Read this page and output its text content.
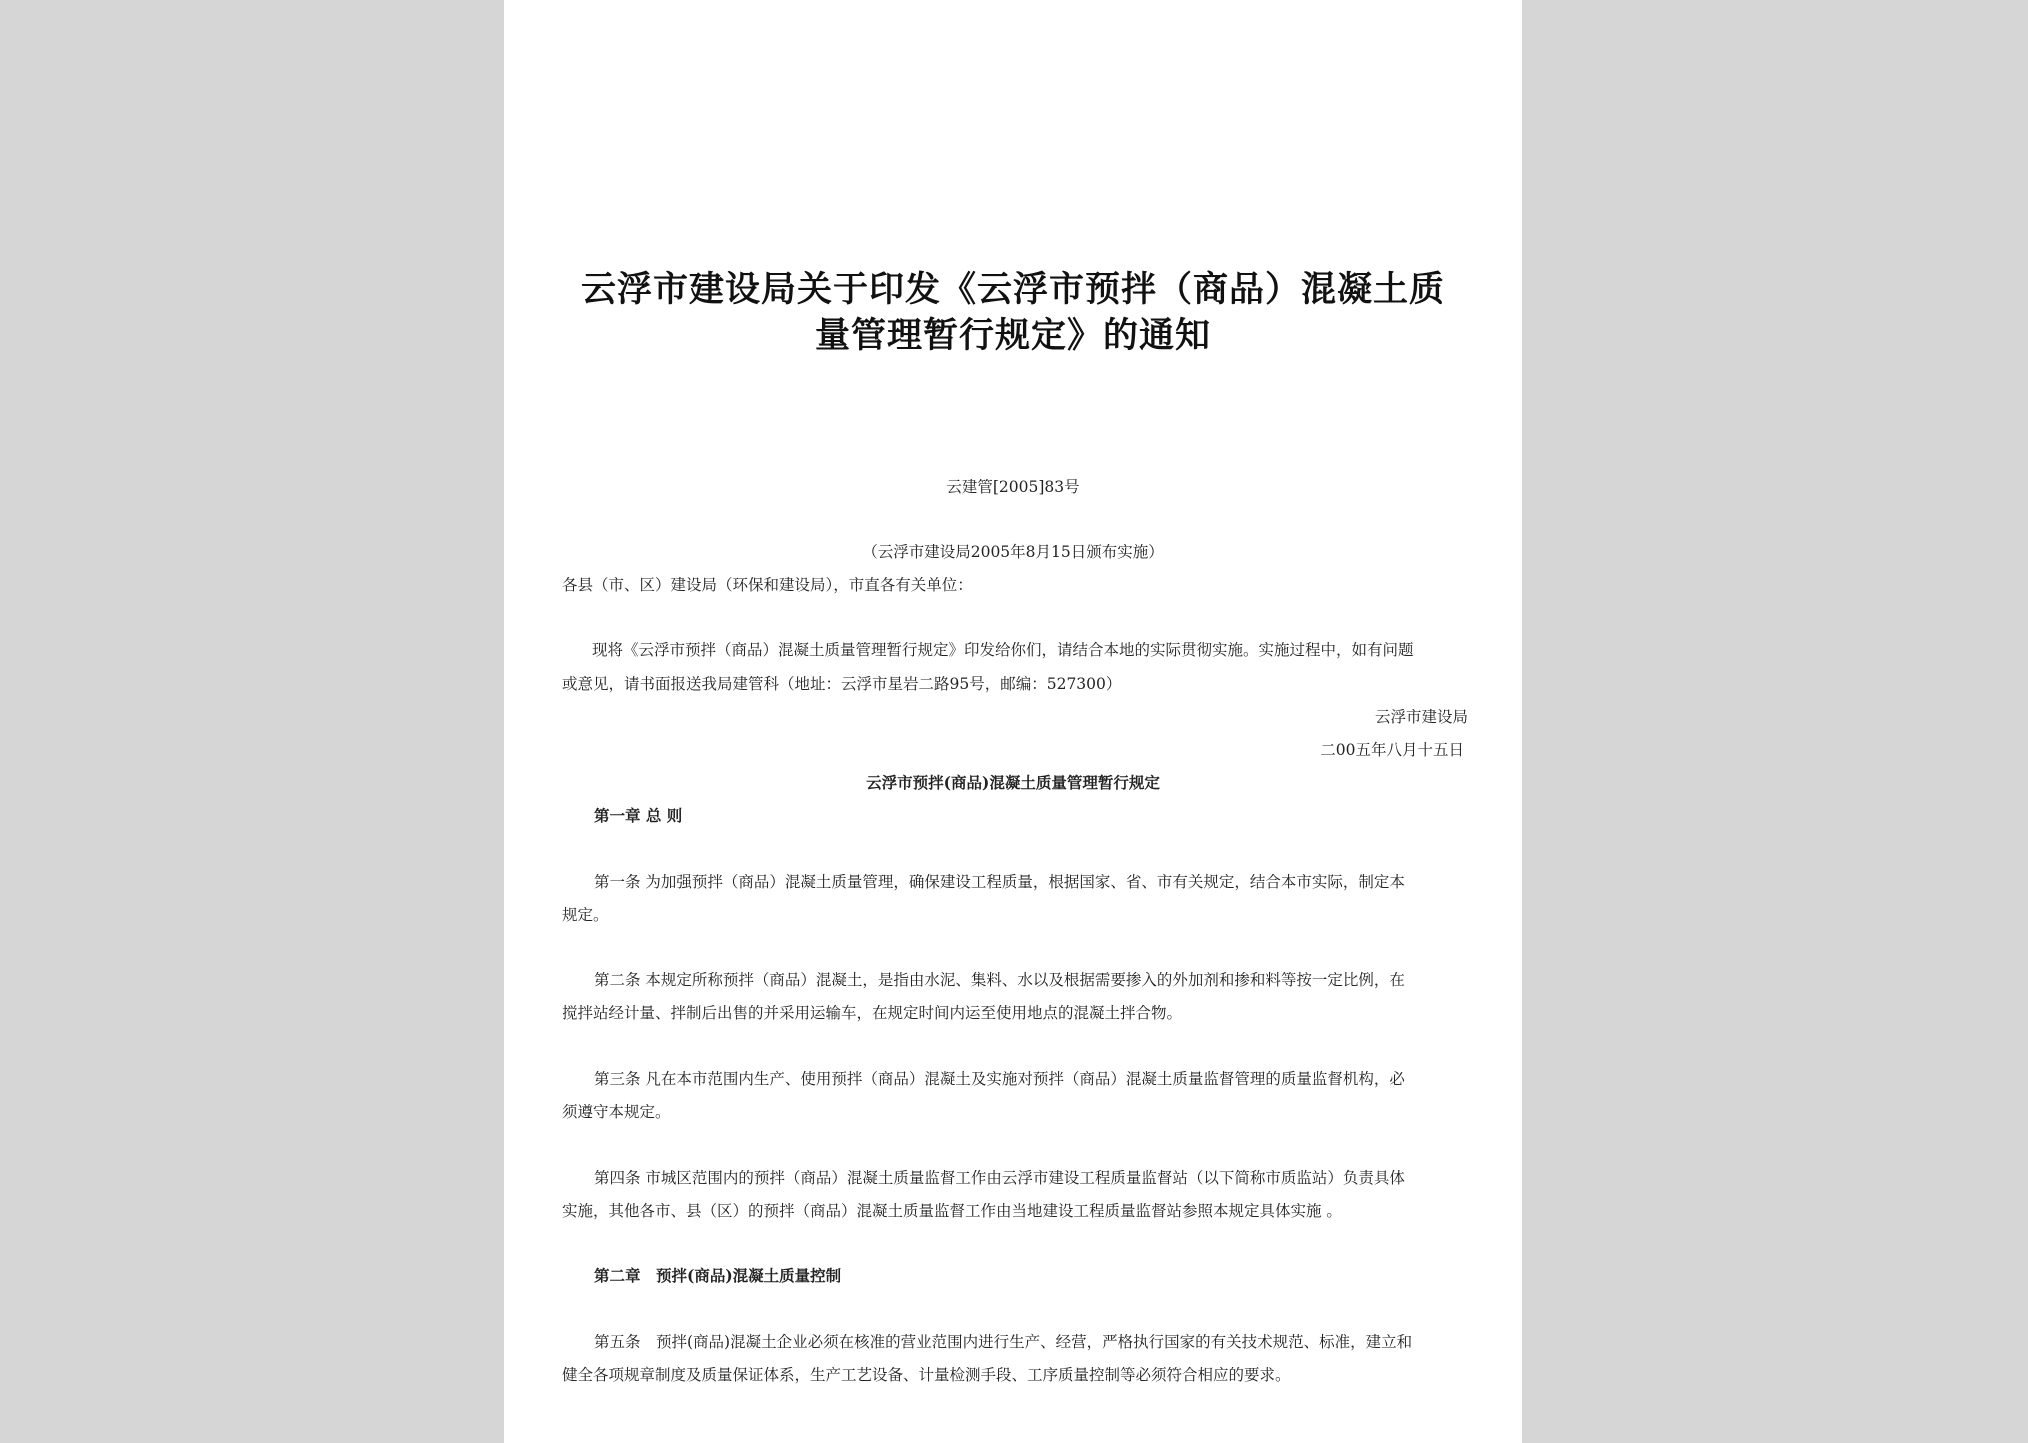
云浮市建设局关于印发《云浮市预拌（商品）混凝土质
量管理暂行规定》的通知
云建管[2005]83号
（云浮市建设局2005年8月15日颁布实施）
各县（市、区）建设局（环保和建设局），市直各有关单位：
现将《云浮市预拌（商品）混凝土质量管理暂行规定》印发给你们，请结合本地的实际贯彻实施。实施过程中，如有问题
或意见，请书面报送我局建管科（地址：云浮市星岩二路95号，邮编：527300）
云浮市建设局
二00五年八月十五日
云浮市预拌(商品)混凝土质量管理暂行规定
第一章 总 则
第一条 为加强预拌（商品）混凝土质量管理，确保建设工程质量，根据国家、省、市有关规定，结合本市实际，制定本
规定。
第二条 本规定所称预拌（商品）混凝土，是指由水泥、集料、水以及根据需要掺入的外加剂和掺和料等按一定比例，在
搅拌站经计量、拌制后出售的并采用运输车，在规定时间内运至使用地点的混凝土拌合物。
第三条 凡在本市范围内生产、使用预拌（商品）混凝土及实施对预拌（商品）混凝土质量监督管理的质量监督机构，必
须遵守本规定。
第四条 市城区范围内的预拌（商品）混凝土质量监督工作由云浮市建设工程质量监督站（以下简称市质监站）负责具体
实施，其他各市、县（区）的预拌（商品）混凝土质量监督工作由当地建设工程质量监督站参照本规定具体实施 。
第二章　预拌(商品)混凝土质量控制
第五条　预拌(商品)混凝土企业必须在核准的营业范围内进行生产、经营，严格执行国家的有关技术规范、标准，建立和
健全各项规章制度及质量保证体系，生产工艺设备、计量检测手段、工序质量控制等必须符合相应的要求。
